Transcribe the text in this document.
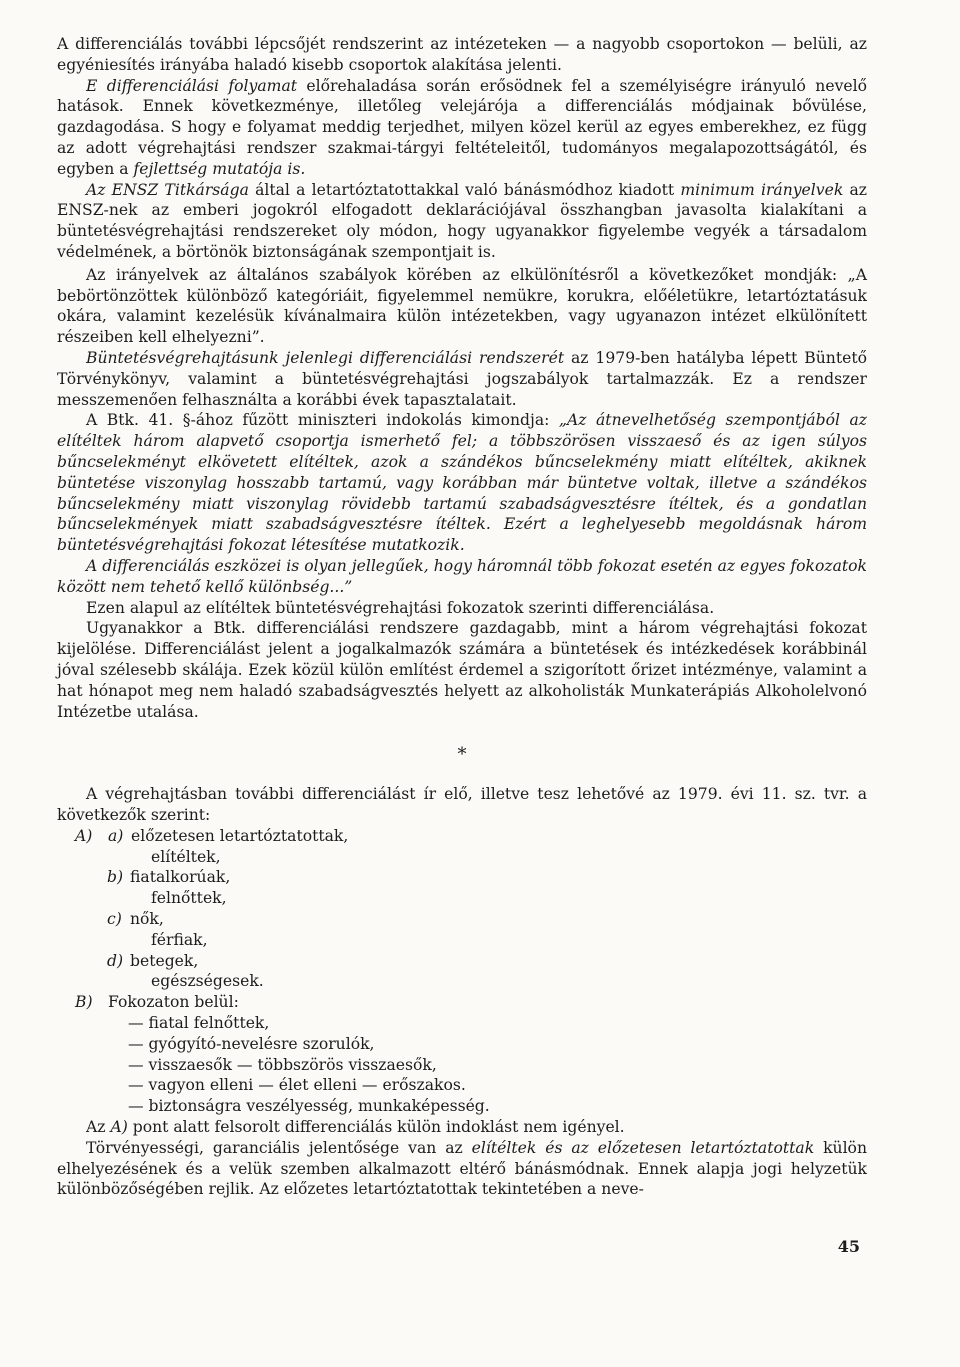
A differenciálás további lépcsőjét rendszerint az intézeteken — a nagyobb csoportokon — belüli, az egyéniesítés irányába haladó kisebb csoportok alakítása jelenti.

E differenciálási folyamat előrehaladása során erősödnek fel a személyiségre irányuló nevelő hatások. Ennek következménye, illetőleg velejárója a differenciálás módjainak bővülése, gazdagodása. S hogy e folyamat meddig terjedhet, milyen közel kerül az egyes emberekhez, ez függ az adott végrehajtási rendszer szakmai-tárgyi feltételeitől, tudományos megalapozottságától, és egyben a fejlettség mutatója is.

Az ENSZ Titkársága által a letartóztatottakkal való bánásmódhoz kiadott minimum irányelvek az ENSZ-nek az emberi jogokról elfogadott deklarációjával összhangban javasolta kialakítani a büntetésvégrehajtási rendszereket oly módon, hogy ugyanakkor figyelembe vegyék a társadalom védelmének, a börtönök biztonságának szempontjait is.

Az irányelvek az általános szabályok körében az elkülönítésről a következőket mondják: „A bebörtönzöttek különböző kategóriáit, figyelemmel nemükre, korukra, előéletükre, letartóztatásuk okára, valamint kezelésük kívánalmaira külön intézetekben, vagy ugyanazon intézet elkülönített részeiben kell elhelyezni”.

Büntetésvégrehajtásunk jelenlegi differenciálási rendszerét az 1979-ben hatályba lépett Büntető Törvénykönyv, valamint a büntetésvégrehajtási jogszabályok tartalmazzák. Ez a rendszer messzemenően felhasználta a korábbi évek tapasztalatait.

A Btk. 41. §-ához fűzött miniszteri indokolás kimondja: „Az átnevelhetőség szempontjából az elítéltek három alapvető csoportja ismerhető fel; a többszörösen visszaeső és az igen súlyos bűncselekményt elkövetett elítéltek, azok a szándékos bűncselekmény miatt elítéltek, akiknek büntetése viszonylag hosszabb tartamú, vagy korábban már büntetve voltak, illetve a szándékos bűncselekmény miatt viszonylag rövidebb tartamú szabadságvesztésre ítéltek, és a gondatlan bűncselekmények miatt szabadságvesztésre ítéltek. Ezért a leghelyesebb megoldásnak három büntetésvégrehajtási fokozat létesítése mutatkozik.

A differenciálás eszközei is olyan jellegűek, hogy háromnál több fokozat esetén az egyes fokozatok között nem tehető kellő különbség...”

Ezen alapul az elítéltek büntetésvégrehajtási fokozatok szerinti differenciálása.

Ugyanakkor a Btk. differenciálási rendszere gazdagabb, mint a három végrehajtási fokozat kijelölése. Differenciálást jelent a jogalkalmazók számára a büntetések és intézkedések korábbinál jóval szélesebb skálája. Ezek közül külön említést érdemel a szigorított őrizet intézménye, valamint a hat hónapot meg nem haladó szabadságvesztés helyett az alkoholisták Munkaterápiás Alkoholelvonó Intézetbe utalása.

*

A végrehajtásban további differenciálást ír elő, illetve tesz lehetővé az 1979. évi 11. sz. tvr. a következők szerint:

A) a) előzetesen letartóztatottak,
elítéltek,
b) fiatalkorúak,
felnőttek,
c) nők,
férfiak,
d) betegek,
egészségesek.
B) Fokozaton belül:
— fiatal felnőttek,
— gyógyító-nevelésre szorulók,
— visszaesők — többszörös visszaesők,
— vagyon elleni — élet elleni — erőszakos.
— biztonságra veszélyesség, munkaképesség.

Az A) pont alatt felsorolt differenciálás külön indoklást nem igényel.

Törvényességi, garanciális jelentősége van az elítéltek és az előzetesen letartóztatottak külön elhelyezésének és a velük szemben alkalmazott eltérő bánásmódnak. Ennek alapja jogi helyzetük különbözőségében rejlik. Az előzetes letartóztatottak tekintetében a neve-

45
